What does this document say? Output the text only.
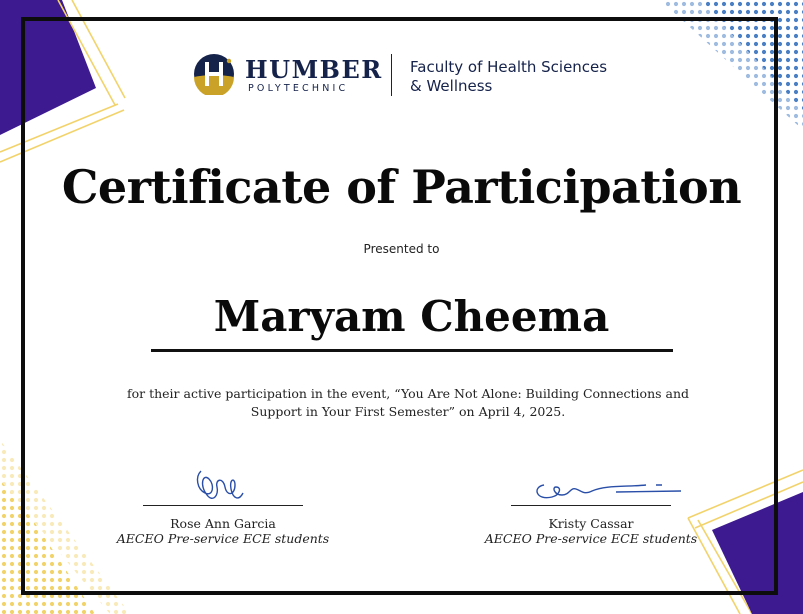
HUMBER
POLYTECHNIC
Faculty of Health Sciences
& Wellness
Certificate of Participation
Presented to
Maryam Cheema
for their active participation in the event, “You Are Not Alone: Building Connections and Support in Your First Semester” on April 4, 2025.
Rose Ann Garcia
AECEO Pre-service ECE students
Kristy Cassar
AECEO Pre-service ECE students
